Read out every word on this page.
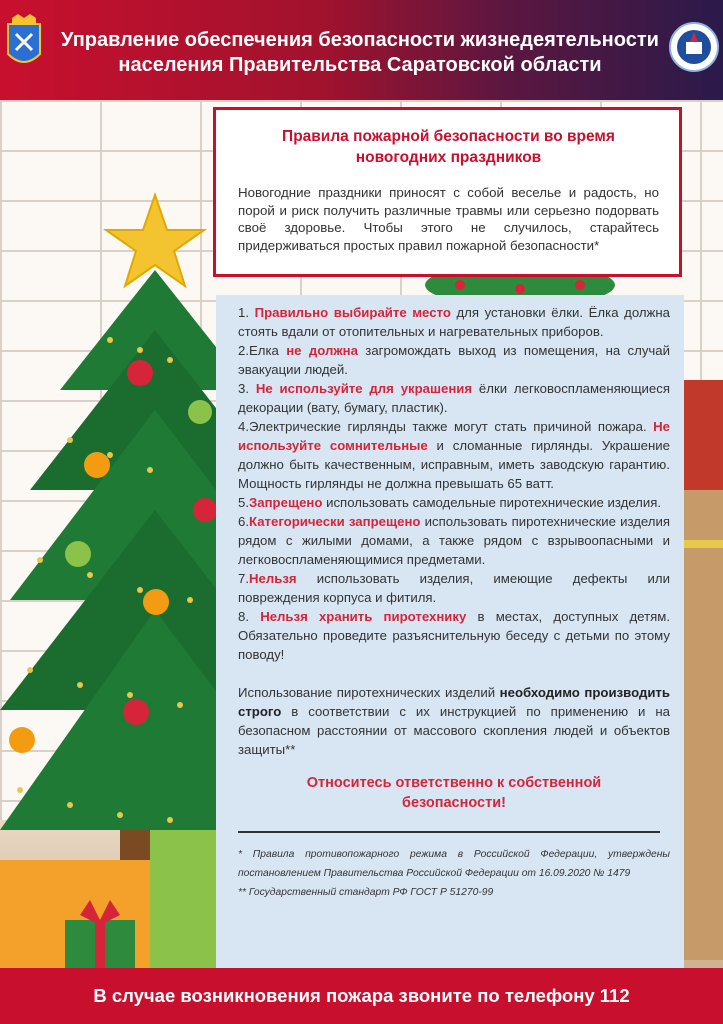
Управление обеспечения безопасности жизнедеятельности
населения Правительства Саратовской области
Правила пожарной безопасности во время
новогодних праздников

Новогодние праздники приносят с собой веселье и радость, но порой и риск получить различные травмы или серьезно подорвать своё здоровье. Чтобы этого не случилось, старайтесь придерживаться простых правил пожарной безопасности*

1. Правильно выбирайте место для установки ёлки. Ёлка должна стоять вдали от отопительных и нагревательных приборов.

2.Елка не должна загромождать выход из помещения, на случай эвакуации людей.

3. Не используйте для украшения ёлки легковоспламеняющиеся декорации (вату, бумагу, пластик).

4.Электрические гирлянды также могут стать причиной пожара. Не используйте сомнительные и сломанные гирлянды. Украшение должно быть качественным, исправным, иметь заводскую гарантию. Мощность гирлянды не должна превышать 65 ватт.

5.Запрещено использовать самодельные пиротехнические изделия.

6.Категорически запрещено использовать пиротехнические изделия рядом с жилыми домами, а также рядом с взрывоопасными и легковоспламеняющимися предметами.

7.Нельзя использовать изделия, имеющие дефекты или повреждения корпуса и фитиля.

8. Нельзя хранить пиротехнику в местах, доступных детям. Обязательно проведите разъяснительную беседу с детьми по этому поводу!

Использование пиротехнических изделий необходимо производить строго в соответствии с их инструкцией по применению и на безопасном расстоянии от массового скопления людей и объектов защиты**

Относитесь ответственно к собственной
безопасности!

* Правила противопожарного режима в Российской Федерации, утверждены постановлением Правительства Российской Федерации от 16.09.2020 № 1479

** Государственный стандарт РФ ГОСТ Р 51270-99

В случае возникновения пожара звоните по телефону 112
